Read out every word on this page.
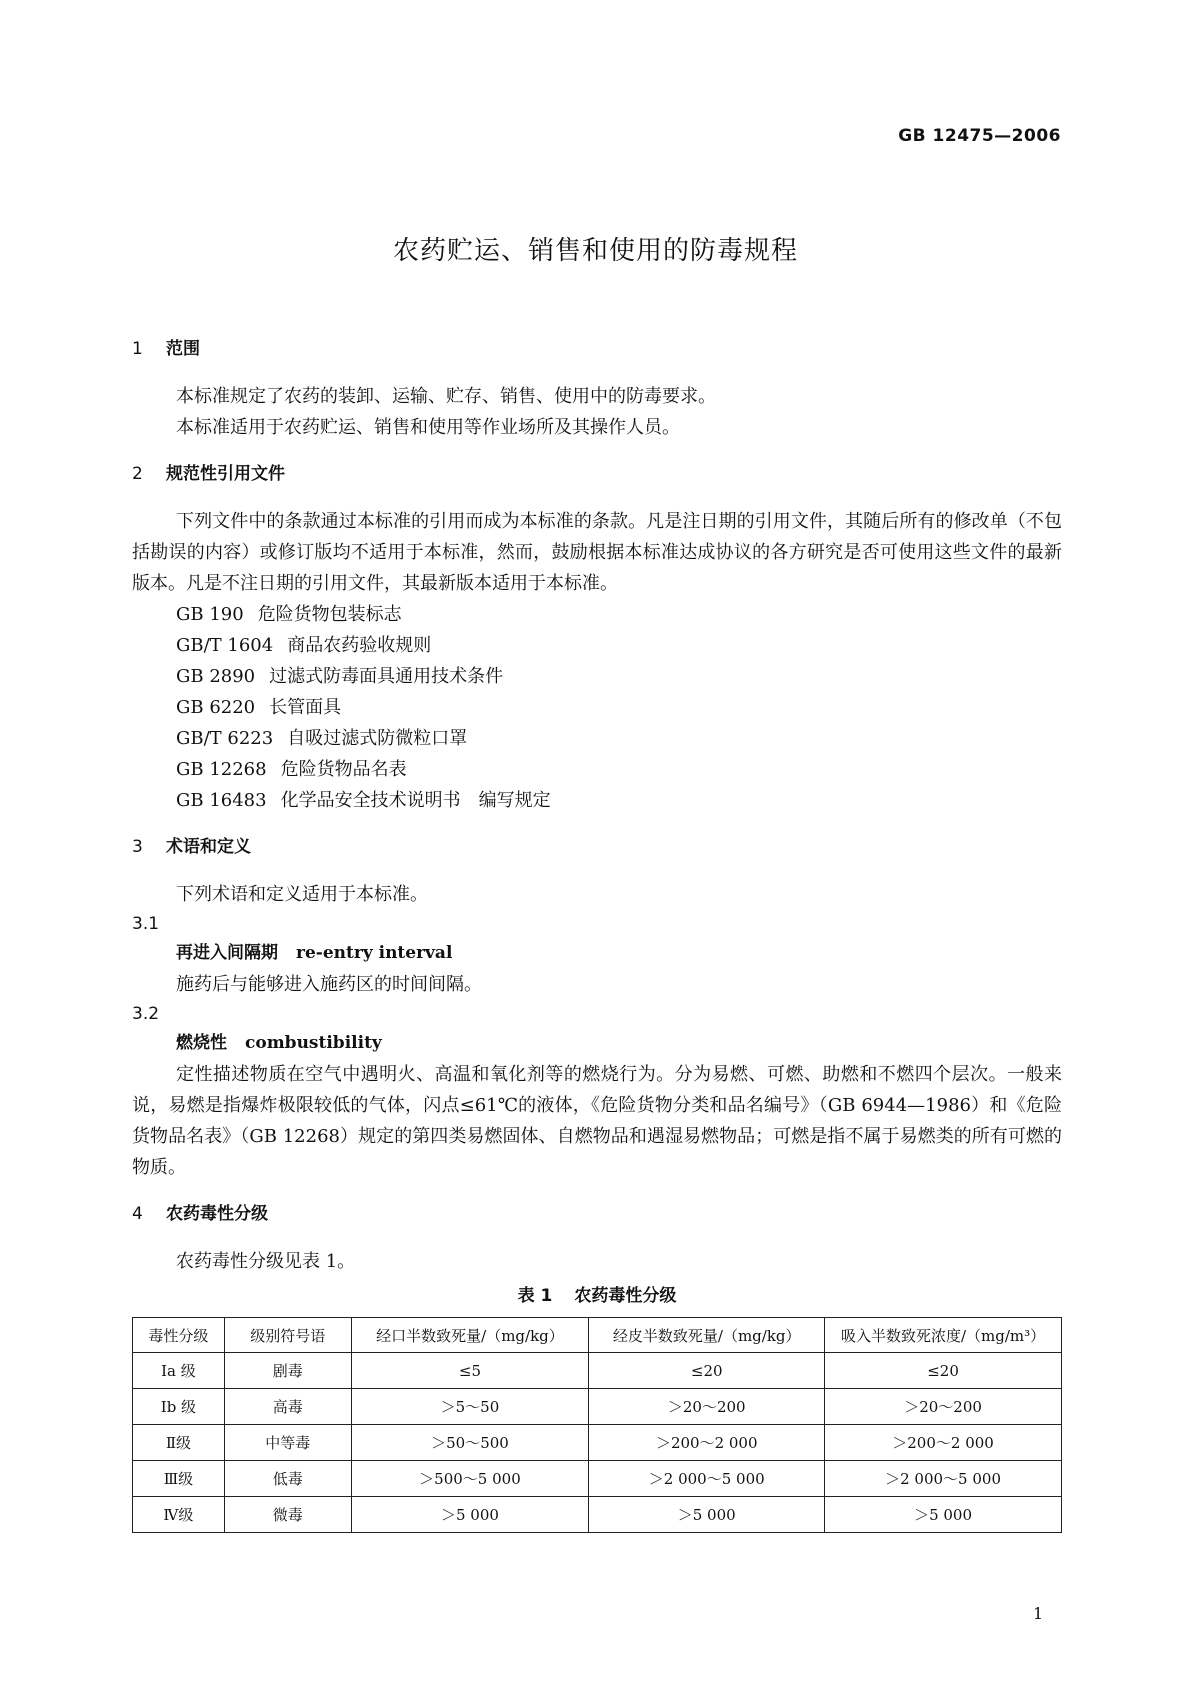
GB 12475—2006
农药贮运、销售和使用的防毒规程
1 范围

本标准规定了农药的装卸、运输、贮存、销售、使用中的防毒要求。

本标准适用于农药贮运、销售和使用等作业场所及其操作人员。

2 规范性引用文件

下列文件中的条款通过本标准的引用而成为本标准的条款。凡是注日期的引用文件，其随后所有的修改单（不包括勘误的内容）或修订版均不适用于本标准，然而，鼓励根据本标准达成协议的各方研究是否可使用这些文件的最新版本。凡是不注日期的引用文件，其最新版本适用于本标准。

GB 190 危险货物包装标志

GB/T 1604 商品农药验收规则

GB 2890 过滤式防毒面具通用技术条件

GB 6220 长管面具

GB/T 6223 自吸过滤式防微粒口罩

GB 12268 危险货物品名表

GB 16483 化学品安全技术说明书　编写规定

3 术语和定义

下列术语和定义适用于本标准。

3.1

再进入间隔期 re-entry interval

施药后与能够进入施药区的时间间隔。

3.2

燃烧性 combustibility

定性描述物质在空气中遇明火、高温和氧化剂等的燃烧行为。分为易燃、可燃、助燃和不燃四个层次。一般来说，易燃是指爆炸极限较低的气体，闪点≤61℃的液体，《危险货物分类和品名编号》（GB 6944—1986）和《危险货物品名表》（GB 12268）规定的第四类易燃固体、自燃物品和遇湿易燃物品；可燃是指不属于易燃类的所有可燃的物质。

4 农药毒性分级

农药毒性分级见表 1。

表 1 农药毒性分级
毒性分级	级别符号语	经口半数致死量/（mg/kg）	经皮半数致死量/（mg/kg）	吸入半数致死浓度/（mg/m³）
Ⅰa 级	剧毒	≤5	≤20	≤20
Ⅰb 级	高毒	＞5～50	＞20～200	＞20～200
Ⅱ级	中等毒	＞50～500	＞200～2 000	＞200～2 000
Ⅲ级	低毒	＞500～5 000	＞2 000～5 000	＞2 000～5 000
Ⅳ级	微毒	＞5 000	＞5 000	＞5 000
1
